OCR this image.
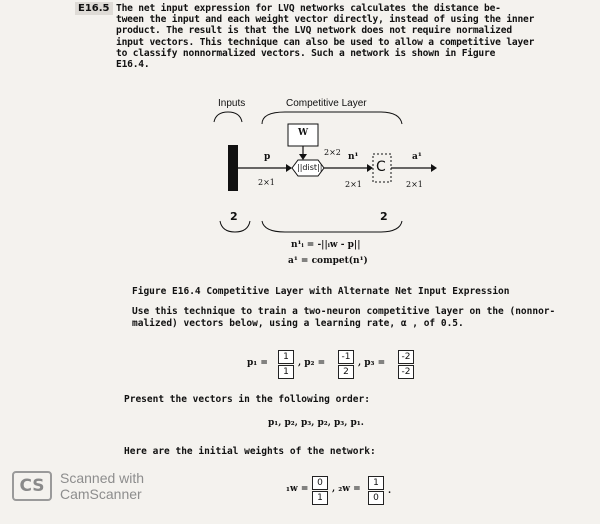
E16.5 The net input expression for LVQ networks calculates the distance be-
tween the input and each weight vector directly, instead of using the inner
product. The result is that the LVQ network does not require normalized
input vectors. This technique can also be used to allow a competitive layer
to classify nonnormalized vectors. Such a network is shown in Figure
E16.4.
Inputs	Competitive Layer
W
2×2
p
2×1
||dist||
n¹
2×1
C
a¹
2×1
2	2
n¹ᵢ = -||ᵢw - p||
a¹ = compet(n¹)
Figure E16.4 Competitive Layer with Alternate Net Input Expression
Use this technique to train a two-neuron competitive layer on the (nonnor-
malized) vectors below, using a learning rate, α , of 0.5.
p₁ =
1
1
, p₂ =
-1
2
, p₃ =
-2
-2
Present the vectors in the following order:
p₁, p₂, p₃, p₂, p₃, p₁.
Here are the initial weights of the network:
₁w =
0
1
, ₂w =
1
0
.
CS	Scanned with
CamScanner
